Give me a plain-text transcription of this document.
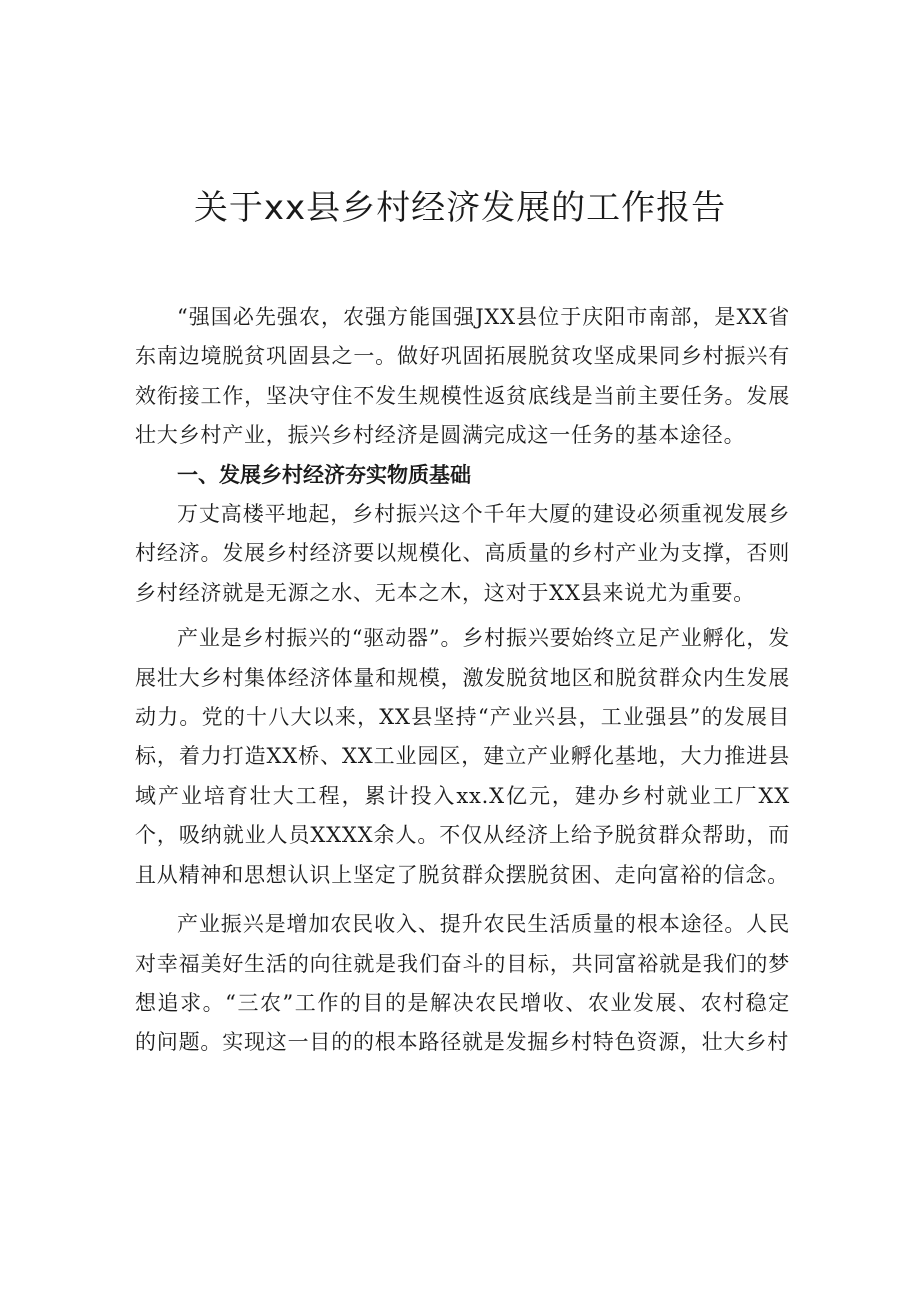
关于xx县乡村经济发展的工作报告

“强国必先强农，农强方能国强JXX县位于庆阳市南部，是XX省东南边境脱贫巩固县之一。做好巩固拓展脱贫攻坚成果同乡村振兴有效衔接工作，坚决守住不发生规模性返贫底线是当前主要任务。发展壮大乡村产业，振兴乡村经济是圆满完成这一任务的基本途径。

一、发展乡村经济夯实物质基础

万丈高楼平地起，乡村振兴这个千年大厦的建设必须重视发展乡村经济。发展乡村经济要以规模化、高质量的乡村产业为支撑，否则乡村经济就是无源之水、无本之木，这对于XX县来说尤为重要。

产业是乡村振兴的“驱动器”。乡村振兴要始终立足产业孵化，发展壮大乡村集体经济体量和规模，激发脱贫地区和脱贫群众内生发展动力。党的十八大以来，XX县坚持“产业兴县，工业强县”的发展目标，着力打造XX桥、XX工业园区，建立产业孵化基地，大力推进县域产业培育壮大工程，累计投入xx.X亿元，建办乡村就业工厂XX个，吸纳就业人员XXXX余人。不仅从经济上给予脱贫群众帮助，而且从精神和思想认识上坚定了脱贫群众摆脱贫困、走向富裕的信念。

产业振兴是增加农民收入、提升农民生活质量的根本途径。人民对幸福美好生活的向往就是我们奋斗的目标，共同富裕就是我们的梦想追求。“三农”工作的目的是解决农民增收、农业发展、农村稳定的问题。实现这一目的的根本路径就是发掘乡村特色资源，壮大乡村
